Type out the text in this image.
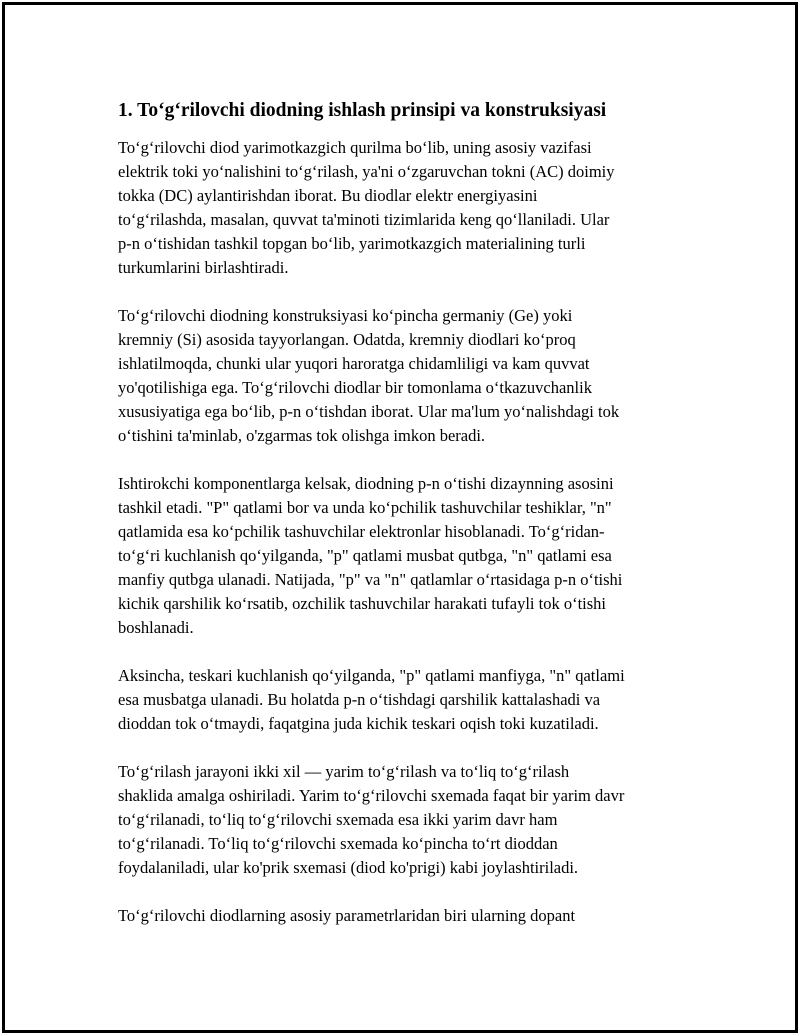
1. To‘g‘rilovchi diodning ishlash prinsipi va konstruksiyasi

To‘g‘rilovchi diod yarimotkazgich qurilma bo‘lib, uning asosiy vazifasi
elektrik toki yo‘nalishini to‘g‘rilash, ya'ni o‘zgaruvchan tokni (AC) doimiy
tokka (DC) aylantirishdan iborat. Bu diodlar elektr energiyasini
to‘g‘rilashda, masalan, quvvat ta'minoti tizimlarida keng qo‘llaniladi. Ular
p-n o‘tishidan tashkil topgan bo‘lib, yarimotkazgich materialining turli
turkumlarini birlashtiradi.

To‘g‘rilovchi diodning konstruksiyasi ko‘pincha germaniy (Ge) yoki
kremniy (Si) asosida tayyorlangan. Odatda, kremniy diodlari ko‘proq
ishlatilmoqda, chunki ular yuqori haroratga chidamliligi va kam quvvat
yo'qotilishiga ega. To‘g‘rilovchi diodlar bir tomonlama o‘tkazuvchanlik
xususiyatiga ega bo‘lib, p-n o‘tishdan iborat. Ular ma'lum yo‘nalishdagi tok
o‘tishini ta'minlab, o'zgarmas tok olishga imkon beradi.

Ishtirokchi komponentlarga kelsak, diodning p-n o‘tishi dizaynning asosini
tashkil etadi. "P" qatlami bor va unda ko‘pchilik tashuvchilar teshiklar, "n"
qatlamida esa ko‘pchilik tashuvchilar elektronlar hisoblanadi. To‘g‘ridan-
to‘g‘ri kuchlanish qo‘yilganda, "p" qatlami musbat qutbga, "n" qatlami esa
manfiy qutbga ulanadi. Natijada, "p" va "n" qatlamlar o‘rtasidaga p-n o‘tishi
kichik qarshilik ko‘rsatib, ozchilik tashuvchilar harakati tufayli tok o‘tishi
boshlanadi.

Aksincha, teskari kuchlanish qo‘yilganda, "p" qatlami manfiyga, "n" qatlami
esa musbatga ulanadi. Bu holatda p-n o‘tishdagi qarshilik kattalashadi va
dioddan tok o‘tmaydi, faqatgina juda kichik teskari oqish toki kuzatiladi.

To‘g‘rilash jarayoni ikki xil — yarim to‘g‘rilash va to‘liq to‘g‘rilash
shaklida amalga oshiriladi. Yarim to‘g‘rilovchi sxemada faqat bir yarim davr
to‘g‘rilanadi, to‘liq to‘g‘rilovchi sxemada esa ikki yarim davr ham
to‘g‘rilanadi. To‘liq to‘g‘rilovchi sxemada ko‘pincha to‘rt dioddan
foydalaniladi, ular ko'prik sxemasi (diod ko'prigi) kabi joylashtiriladi.

To‘g‘rilovchi diodlarning asosiy parametrlaridan biri ularning dopant
